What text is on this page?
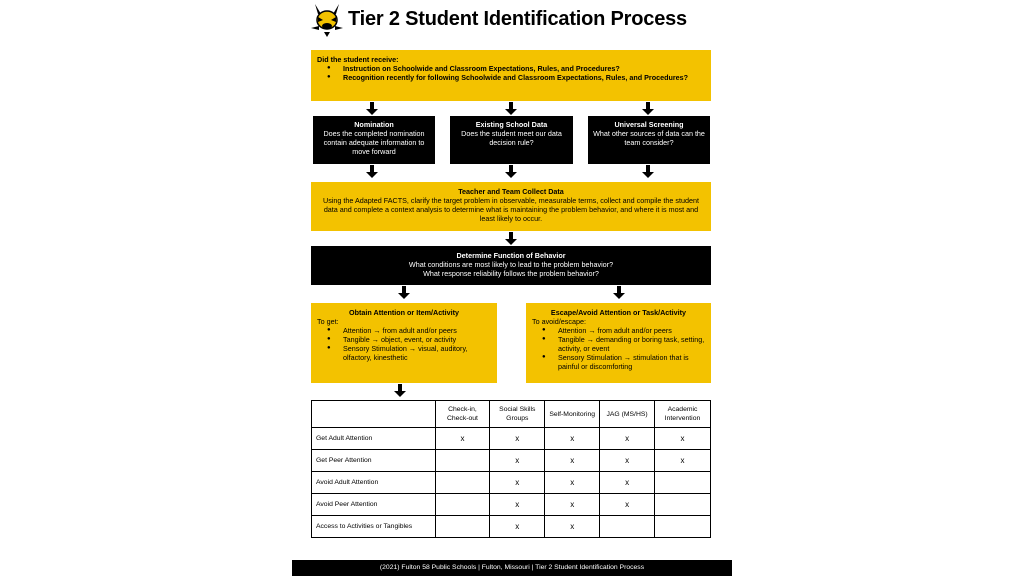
Tier 2 Student Identification Process
Did the student receive:
● Instruction on Schoolwide and Classroom Expectations, Rules, and Procedures?
● Recognition recently for following Schoolwide and Classroom Expectations, Rules, and Procedures?
Nomination
Does the completed nomination contain adequate information to move forward
Existing School Data
Does the student meet our data decision rule?
Universal Screening
What other sources of data can the team consider?
Teacher and Team Collect Data
Using the Adapted FACTS, clarify the target problem in observable, measurable terms, collect and compile the student data and complete a context analysis to determine what is maintaining the problem behavior, and where it is most and least likely to occur.
Determine Function of Behavior
What conditions are most likely to lead to the problem behavior?
What response reliability follows the problem behavior?
Obtain Attention or Item/Activity
To get:
● Attention → from adult and/or peers
● Tangible → object, event, or activity
● Sensory Stimulation → visual, auditory, olfactory, kinesthetic
Escape/Avoid Attention or Task/Activity
To avoid/escape:
● Attention → from adult and/or peers
● Tangible → demanding or boring task, setting, activity, or event
● Sensory Stimulation → stimulation that is painful or discomforting
	Check-in, Check-out	Social Skills Groups	Self-Monitoring	JAG (MS/HS)	Academic Intervention
Get Adult Attention	x	x	x	x	x
Get Peer Attention		x	x	x	x
Avoid Adult Attention		x	x	x	
Avoid Peer Attention		x	x	x	
Access to Activities or Tangibles		x	x		
(2021) Fulton 58 Public Schools | Fulton, Missouri | Tier 2 Student Identification Process
